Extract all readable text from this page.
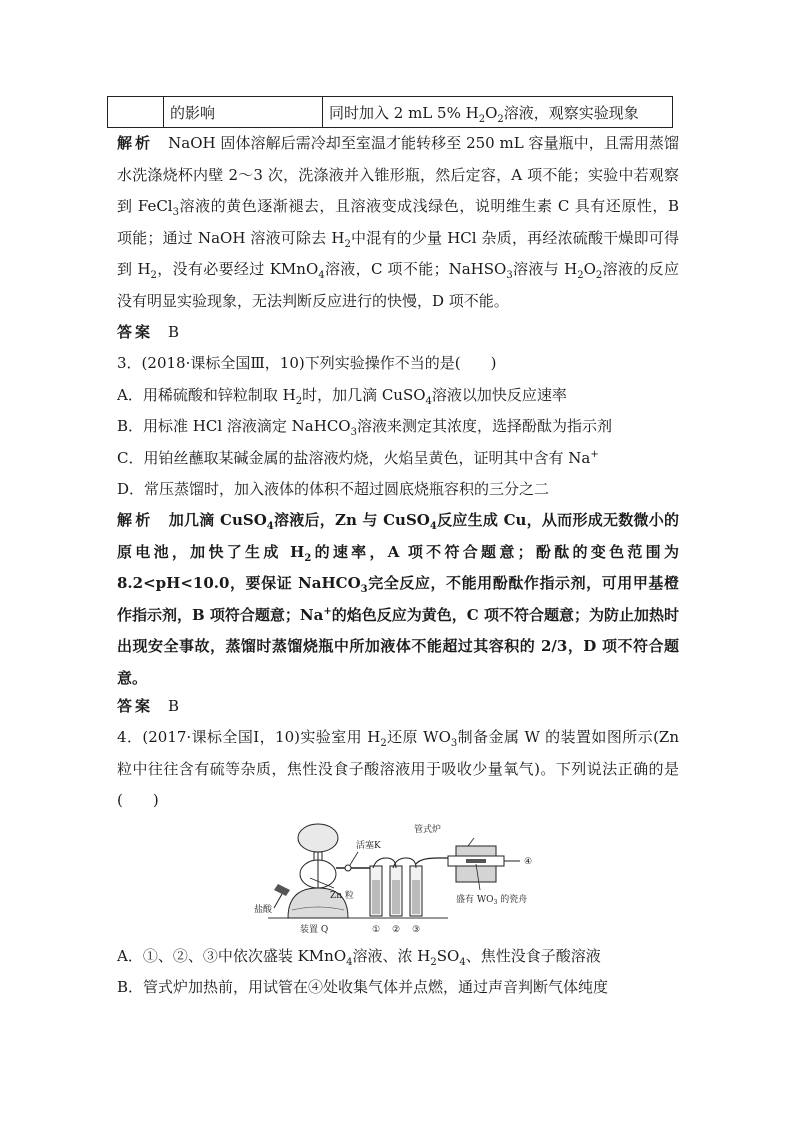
	的影响	同时加入 2 mL 5% $H_2O_2$溶液，观察实验现象

解析　 NaOH 固体溶解后需冷却至室温才能转移至 250 mL 容量瓶中，且需用蒸馏水洗涤烧杯内壁 2～3 次，洗涤液并入锥形瓶，然后定容，A 项不能；实验中若观察到 FeCl$_3$溶液的黄色逐渐褪去，且溶液变成浅绿色，说明维生素 C 具有还原性，B 项能；通过 NaOH 溶液可除去 $H_2$中混有的少量 HCl 杂质，再经浓硫酸干燥即可得到 $H_2$，没有必要经过 KMnO$_4$溶液，C 项不能；NaHSO$_3$溶液与 $H_2O_2$溶液的反应没有明显实验现象，无法判断反应进行的快慢，D 项不能。

答案　 B
3．(2018·课标全国Ⅲ，10)下列实验操作不当的是(　　)
A．用稀硫酸和锌粒制取 $H_2$时，加几滴 CuSO$_4$溶液以加快反应速率
B．用标准 HCl 溶液滴定 NaHCO$_3$溶液来测定其浓度，选择酚酞为指示剂
C．用铂丝蘸取某碱金属的盐溶液灼烧，火焰呈黄色，证明其中含有 Na+
D．常压蒸馏时，加入液体的体积不超过圆底烧瓶容积的三分之二

解析　 加几滴 CuSO$_4$溶液后，Zn 与 CuSO$_4$反应生成 Cu，从而形成无数微小的原电池，加快了生成 $H_2$的速率，A 项不符合题意；酚酞的变色范围为 8.2<pH<10.0，要保证 NaHCO$_3$完全反应，不能用酚酞作指示剂，可用甲基橙作指示剂，B 项符合题意；Na+的焰色反应为黄色，C 项不符合题意；为防止加热时出现安全事故，蒸馏时蒸馏烧瓶中所加液体不能超过其容积的 2/3，D 项不符合题意。

答案　 B

4．(2017·课标全国Ⅰ，10)实验室用 $H_2$还原 $WO_3$制备金属 W 的装置如图所示(Zn 粒中往往含有硫等杂质，焦性没食子酸溶液用于吸收少量氧气)。下列说法正确的是(　　)

活塞K
管式炉
Zn 粒
盐酸
装置 Q
盛有 $WO_3$ 的瓷舟
① ② ③
④
A．①、②、③中依次盛装 KMnO$_4$溶液、浓 $H_2SO_4$、焦性没食子酸溶液
B．管式炉加热前，用试管在④处收集气体并点燃，通过声音判断气体纯度
